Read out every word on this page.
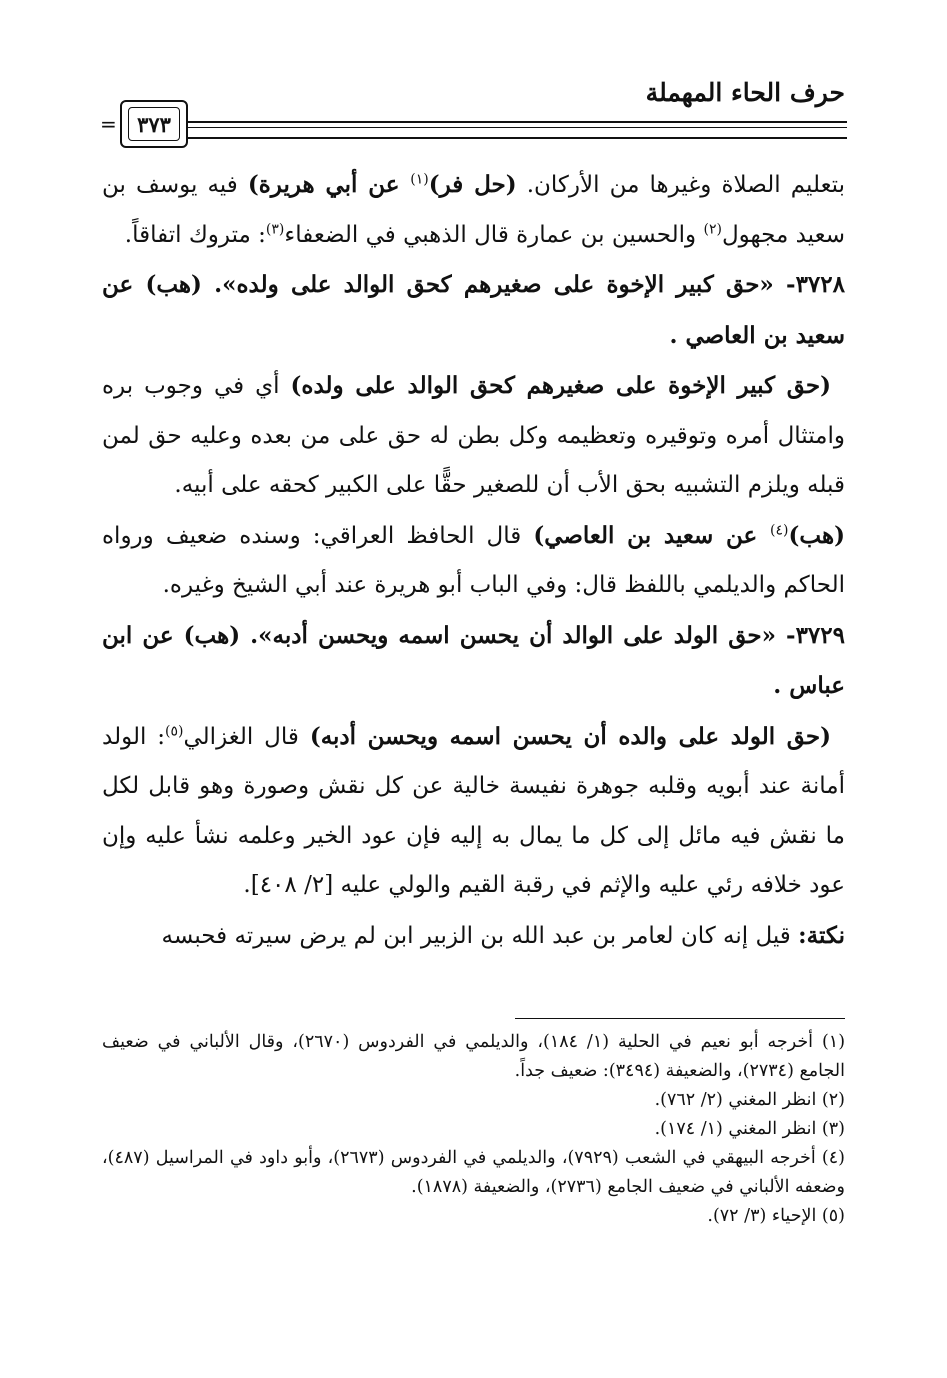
حرف الحاء المهملة
٣٧٣
=

بتعليم الصلاة وغيرها من الأركان. (حل فر)$^{(١)}$ عن أبي هريرة) فيه يوسف بن سعيد مجهول$^{(٢)}$ والحسين بن عمارة قال الذهبي في الضعفاء$^{(٣)}$: متروك اتفاقاً.

٣٧٢٨- «حق كبير الإخوة على صغيرهم كحق الوالد على ولده». (هب) عن سعيد بن العاصي .

(حق كبير الإخوة على صغيرهم كحق الوالد على ولده) أي في وجوب بره وامتثال أمره وتوقيره وتعظيمه وكل بطن له حق على من بعده وعليه حق لمن قبله ويلزم التشبيه بحق الأب أن للصغير حقًّا على الكبير كحقه على أبيه.
(هب)$^{(٤)}$ عن سعيد بن العاصي) قال الحافظ العراقي: وسنده ضعيف ورواه الحاكم والديلمي باللفظ قال: وفي الباب أبو هريرة عند أبي الشيخ وغيره.

٣٧٢٩- «حق الولد على الوالد أن يحسن اسمه ويحسن أدبه». (هب) عن ابن عباس .

(حق الولد على والده أن يحسن اسمه ويحسن أدبه) قال الغزالي$^{(٥)}$: الولد أمانة عند أبويه وقلبه جوهرة نفيسة خالية عن كل نقش وصورة وهو قابل لكل ما نقش فيه مائل إلى كل ما يمال به إليه فإن عود الخير وعلمه نشأ عليه وإن عود خلافه رئي عليه والإثم في رقبة القيم والولي عليه [٢/ ٤٠٨].

نكتة: قيل إنه كان لعامر بن عبد الله بن الزبير ابن لم يرض سيرته فحبسه

(١) أخرجه أبو نعيم في الحلية (١/ ١٨٤)، والديلمي في الفردوس (٢٦٧٠)، وقال الألباني في ضعيف الجامع (٢٧٣٤)، والضعيفة (٣٤٩٤): ضعيف جداً.

(٢) انظر المغني (٢/ ٧٦٢).

(٣) انظر المغني (١/ ١٧٤).

(٤) أخرجه البيهقي في الشعب (٧٩٢٩)، والديلمي في الفردوس (٢٦٧٣)، وأبو داود في المراسيل (٤٨٧)، وضعفه الألباني في ضعيف الجامع (٢٧٣٦)، والضعيفة (١٨٧٨).

(٥) الإحياء (٣/ ٧٢).
